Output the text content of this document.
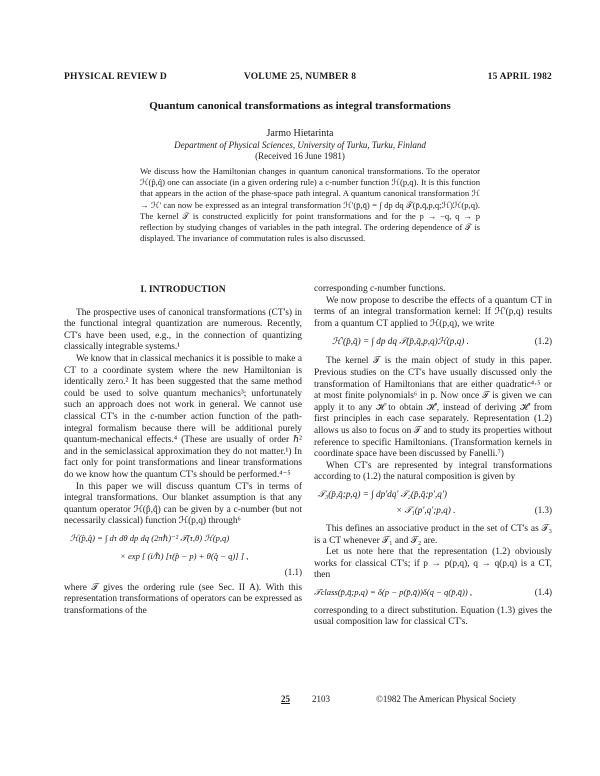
PHYSICAL REVIEW D	VOLUME 25, NUMBER 8	15 APRIL 1982
Quantum canonical transformations as integral transformations
Jarmo Hietarinta
Department of Physical Sciences, University of Turku, Turku, Finland
(Received 16 June 1981)
We discuss how the Hamiltonian changes in quantum canonical transformations. To the operator ℋ(p̂,q̂) one can associate (in a given ordering rule) a c-number function ℋ(p,q). It is this function that appears in the action of the phase-space path integral. A quantum canonical transformation ℋ → ℋ' can now be expressed as an integral transformation ℋ'(p̄,q̄) = ∫ dp dq 𝒯(p̄,q̄,p,q;ℋ)ℋ(p,q). The kernel 𝒯 is constructed explicitly for point transformations and for the p → −q, q → p reflection by studying changes of variables in the path integral. The ordering dependence of 𝒯 is displayed. The invariance of commutation rules is also discussed.
I. INTRODUCTION

The prospective uses of canonical transformations (CT's) in the functional integral quantization are numerous. Recently, CT's have been used, e.g., in the connection of quantizing classically integrable systems.¹

We know that in classical mechanics it is possible to make a CT to a coordinate system where the new Hamiltonian is identically zero.² It has been suggested that the same method could be used to solve quantum mechanics³; unfortunately such an approach does not work in general. We cannot use classical CT's in the c-number action function of the path-integral formalism because there will be additional purely quantum-mechanical effects.⁴ (These are usually of order ℏ² and in the semiclassical approximation they do not matter.¹) In fact only for point transformations and linear transformations do we know how the quantum CT's should be performed.⁴⁻⁵

In this paper we will discuss quantum CT's in terms of integral transformations. Our blanket assumption is that any quantum operator ℋ(p̂,q̂) can be given by a c-number (but not necessarily classical) function ℋ(p,q) through⁶

ℋ(p̂,q̂) = ∫ dτ dθ dp dq (2πℏ)⁻² 𝒯(τ,θ) ℋ(p,q)
× exp [ (i/ℏ) [τ(p̂ − p) + θ(q̂ − q)] ] ,
(1.1)

where 𝒯 gives the ordering rule (see Sec. II A). With this representation transformations of operators can be expressed as transformations of the

corresponding c-number functions.

We now propose to describe the effects of a quantum CT in terms of an integral transformation kernel: If ℋ'(p,q) results from a quantum CT applied to ℋ(p,q), we write

ℋ'(p̄,q̄) = ∫ dp dq 𝒯(p̄,q̄,p,q)ℋ(p,q) .	(1.2)

The kernel 𝒯 is the main object of study in this paper. Previous studies on the CT's have usually discussed only the transformation of Hamiltonians that are either quadratic⁴·⁵ or at most finite polynomials⁶ in p. Now once 𝒯 is given we can apply it to any ℋ to obtain ℋ', instead of deriving ℋ' from first principles in each case separately. Representation (1.2) allows us also to focus on 𝒯 and to study its properties without reference to specific Hamiltonians. (Transformation kernels in coordinate space have been discussed by Fanelli.⁷)

When CT's are represented by integral transformations according to (1.2) the natural composition is given by

𝒯₃(p̄,q̄;p,q) = ∫ dp'dq' 𝒯₂(p̄,q̄;p',q')
× 𝒯₁(p',q';p,q) .	(1.3)

This defines an associative product in the set of CT's as 𝒯₃ is a CT whenever 𝒯₁ and 𝒯₂ are.

Let us note here that the representation (1.2) obviously works for classical CT's; if p → p(p,q), q → q(p,q) is a CT, then

𝒯class(p̄,q̄;p,q) = δ(p − p(p̄,q̄))δ(q − q(p̄,q̄)) ,	(1.4)

corresponding to a direct substitution. Equation (1.3) gives the usual composition law for classical CT's.

25 2103	©1982 The American Physical Society
